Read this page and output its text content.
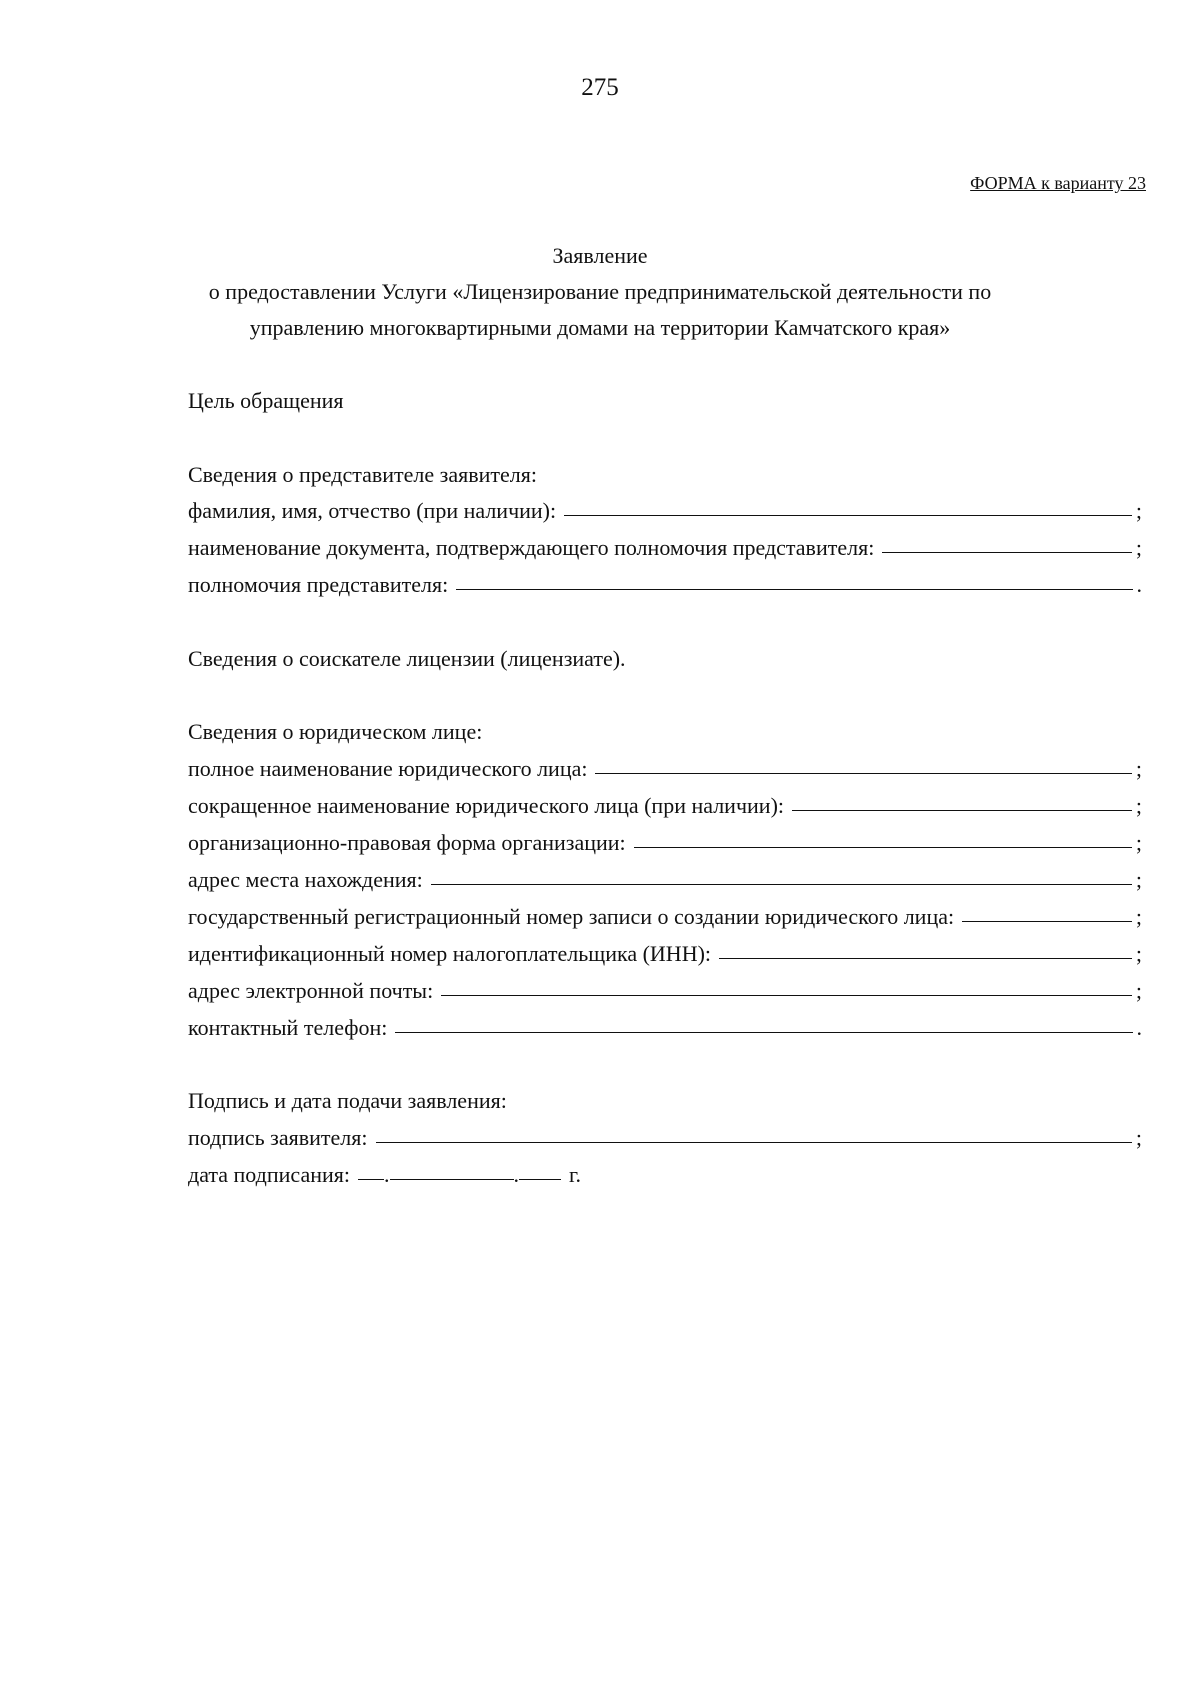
275
ФОРМА к варианту 23
Заявление
о предоставлении Услуги «Лицензирование предпринимательской деятельности по
управлению многоквартирными домами на территории Камчатского края»
Цель обращения
Сведения о представителе заявителя:
фамилия, имя, отчество (при наличии):	;
наименование документа, подтверждающего полномочия представителя:	;
полномочия представителя:	.
Сведения о соискателе лицензии (лицензиате).
Сведения о юридическом лице:
полное наименование юридического лица:	;
сокращенное наименование юридического лица (при наличии):	;
организационно-правовая форма организации:	;
адрес места нахождения:	;
государственный регистрационный номер записи о создании юридического лица:	;
идентификационный номер налогоплательщика (ИНН):	;
адрес электронной почты:	;
контактный телефон:	.
Подпись и дата подачи заявления:
подпись заявителя:	;
дата подписания: .	. г.
